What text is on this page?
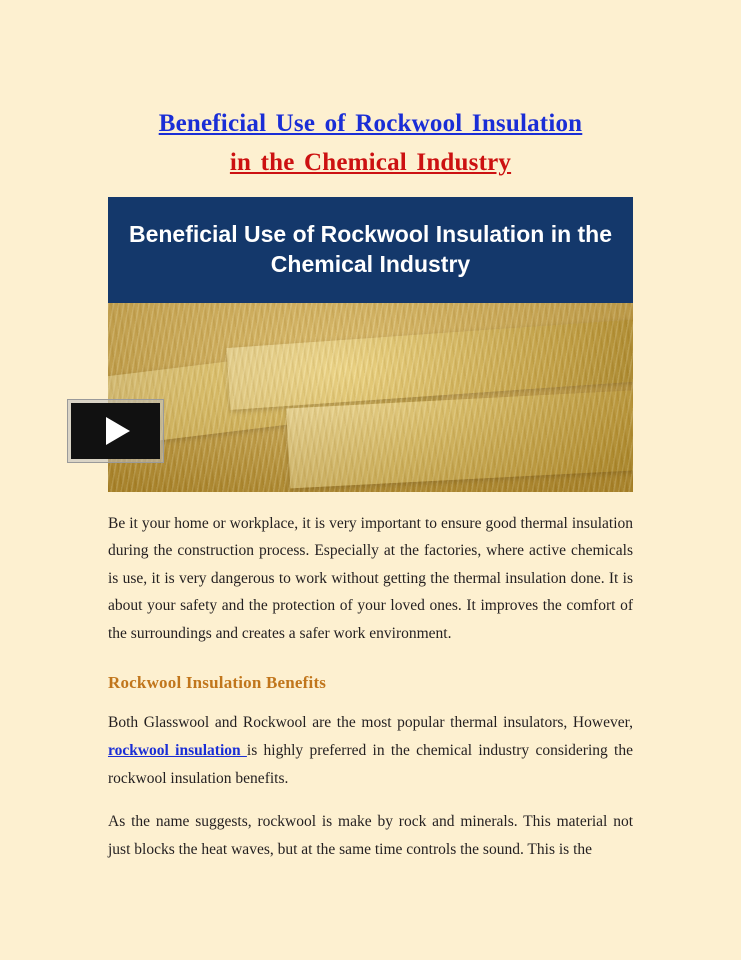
Beneficial Use of Rockwool Insulation
in the Chemical Industry
Beneficial Use of Rockwool Insulation in the Chemical Industry

Be it your home or workplace, it is very important to ensure good thermal insulation during the construction process. Especially at the factories, where active chemicals is use, it is very dangerous to work without getting the thermal insulation done. It is about your safety and the protection of your loved ones. It improves the comfort of the surroundings and creates a safer work environment.

Rockwool Insulation Benefits

Both Glasswool and Rockwool are the most popular thermal insulators, However, rockwool insulation is highly preferred in the chemical industry considering the rockwool insulation benefits.

As the name suggests, rockwool is make by rock and minerals. This material not just blocks the heat waves, but at the same time controls the sound. This is the
